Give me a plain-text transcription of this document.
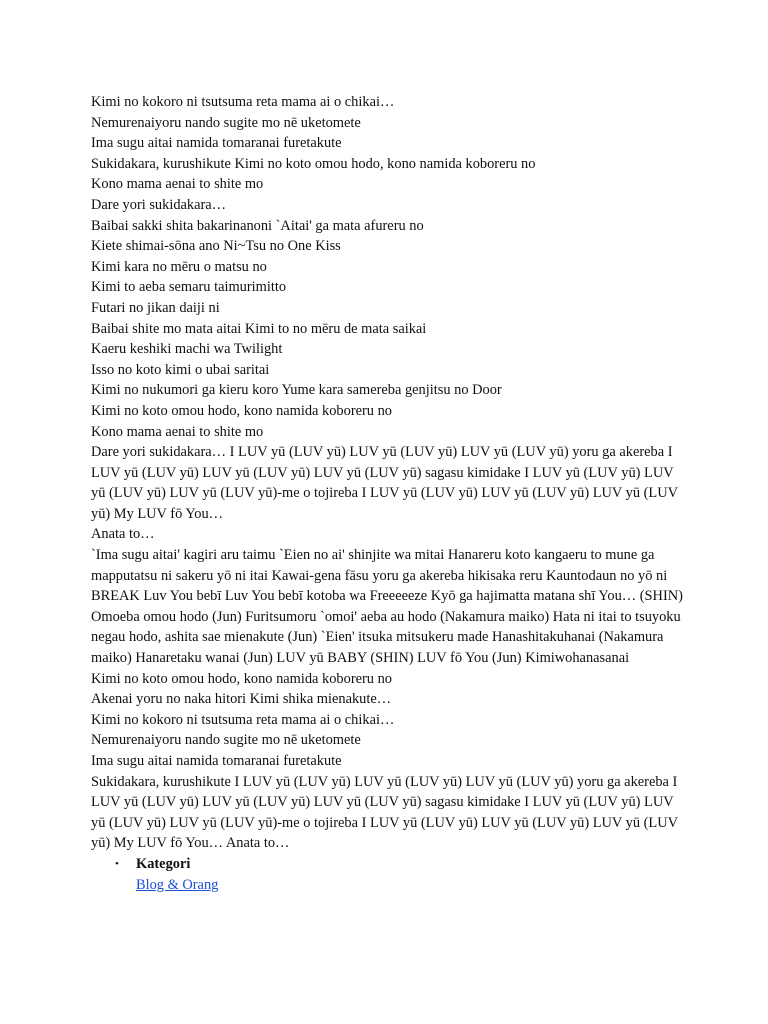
Kimi no kokoro ni tsutsuma reta mama ai o chikai…
Nemurenaiyoru nando sugite mo nē uketomete
Ima sugu aitai namida tomaranai furetakute
Sukidakara, kurushikute Kimi no koto omou hodo, kono namida koboreru no
Kono mama aenai to shite mo
Dare yori sukidakara…
Baibai sakki shita bakarinanoni `Aitai' ga mata afureru no
Kiete shimai-sōna ano Ni~Tsu no One Kiss
Kimi kara no mēru o matsu no
Kimi to aeba semaru taimurimitto
Futari no jikan daiji ni
Baibai shite mo mata aitai Kimi to no mēru de mata saikai
Kaeru keshiki machi wa Twilight
Isso no koto kimi o ubai saritai
Kimi no nukumori ga kieru koro Yume kara samereba genjitsu no Door
Kimi no koto omou hodo, kono namida koboreru no
Kono mama aenai to shite mo
Dare yori sukidakara… I LUV yū (LUV yū) LUV yū (LUV yū) LUV yū (LUV yū) yoru ga akereba I LUV yū (LUV yū) LUV yū (LUV yū) LUV yū (LUV yū) sagasu kimidake I LUV yū (LUV yū) LUV yū (LUV yū) LUV yū (LUV yū)-me o tojireba I LUV yū (LUV yū) LUV yū (LUV yū) LUV yū (LUV yū) My LUV fō You…
Anata to…
`Ima sugu aitai' kagiri aru taimu `Eien no ai' shinjite wa mitai Hanareru koto kangaeru to mune ga mapputatsu ni sakeru yō ni itai Kawai-gena fāsu yoru ga akereba hikisaka reru Kauntodaun no yō ni BREAK Luv You bebī Luv You bebī kotoba wa Freeeeeze Kyō ga hajimatta matana shī You… (SHIN) Omoeba omou hodo (Jun) Furitsumoru `omoi' aeba au hodo (Nakamura maiko) Hata ni itai to tsuyoku negau hodo, ashita sae mienakute (Jun) `Eien' itsuka mitsukeru made Hanashitakuhanai (Nakamura maiko) Hanaretaku wanai (Jun) LUV yū BABY (SHIN) LUV fō You (Jun) Kimiwohanasanai
Kimi no koto omou hodo, kono namida koboreru no
Akenai yoru no naka hitori Kimi shika mienakute…
Kimi no kokoro ni tsutsuma reta mama ai o chikai…
Nemurenaiyoru nando sugite mo nē uketomete
Ima sugu aitai namida tomaranai furetakute
Sukidakara, kurushikute I LUV yū (LUV yū) LUV yū (LUV yū) LUV yū (LUV yū) yoru ga akereba I LUV yū (LUV yū) LUV yū (LUV yū) LUV yū (LUV yū) sagasu kimidake I LUV yū (LUV yū) LUV yū (LUV yū) LUV yū (LUV yū)-me o tojireba I LUV yū (LUV yū) LUV yū (LUV yū) LUV yū (LUV yū) My LUV fō You… Anata to…
• Kategori
Blog & Orang
